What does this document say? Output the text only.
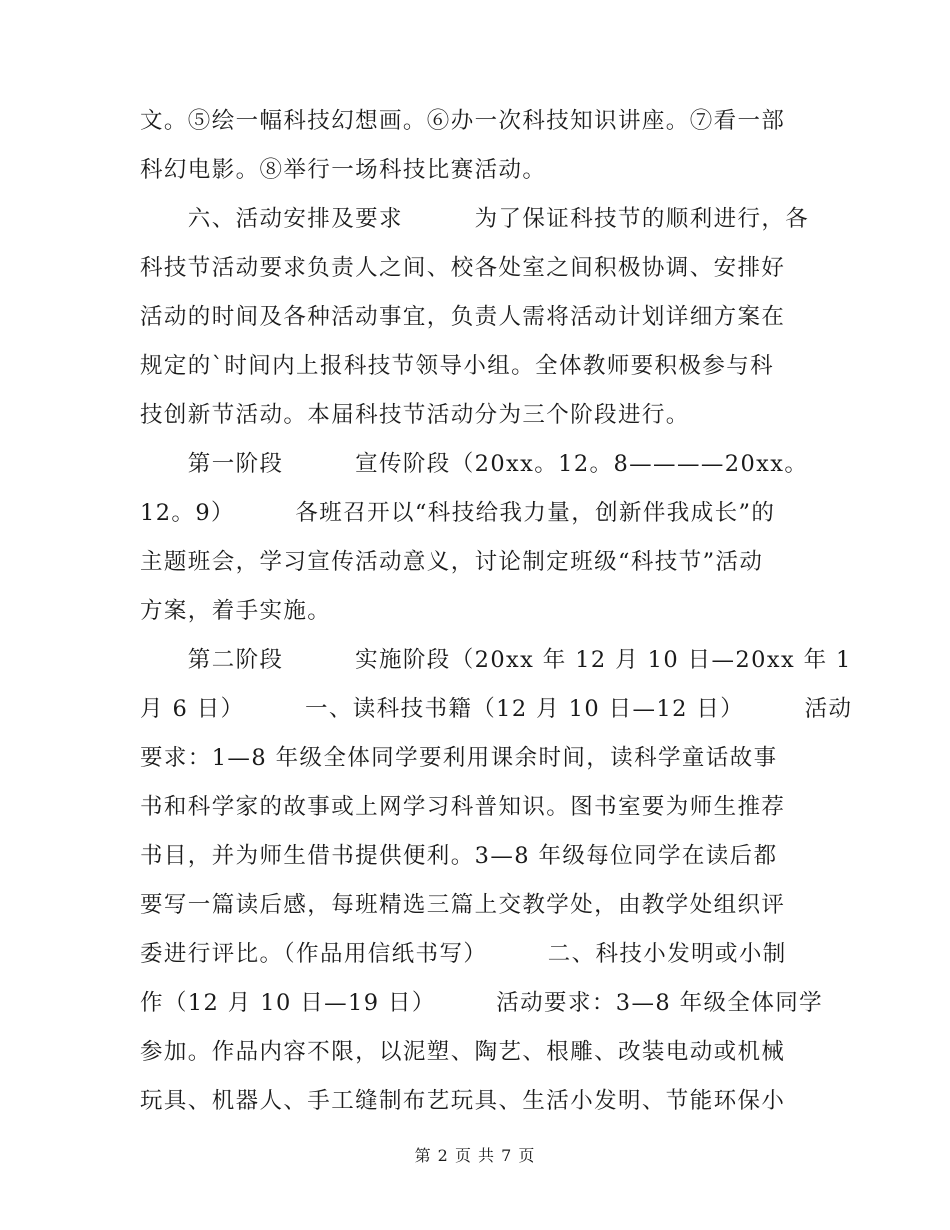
文。⑤绘一幅科技幻想画。⑥办一次科技知识讲座。⑦看一部
科幻电影。⑧举行一场科技比赛活动。
　　六、活动安排及要求　　　为了保证科技节的顺利进行，各
科技节活动要求负责人之间、校各处室之间积极协调、安排好
活动的时间及各种活动事宜，负责人需将活动计划详细方案在
规定的`时间内上报科技节领导小组。全体教师要积极参与科
技创新节活动。本届科技节活动分为三个阶段进行。
　　第一阶段　　　宣传阶段（20xx。12。8————20xx。
12。9）　　　各班召开以“科技给我力量，创新伴我成长”的
主题班会，学习宣传活动意义，讨论制定班级“科技节”活动
方案，着手实施。
　　第二阶段　　　实施阶段（20xx 年 12 月 10 日—20xx 年 1
月 6 日）　　　一、读科技书籍（12 月 10 日—12 日）　　　活动
要求：1—8 年级全体同学要利用课余时间，读科学童话故事
书和科学家的故事或上网学习科普知识。图书室要为师生推荐
书目，并为师生借书提供便利。3—8 年级每位同学在读后都
要写一篇读后感，每班精选三篇上交教学处，由教学处组织评
委进行评比。（作品用信纸书写）　　　二、科技小发明或小制
作（12 月 10 日—19 日）　　　活动要求：3—8 年级全体同学
参加。作品内容不限，以泥塑、陶艺、根雕、改装电动或机械
玩具、机器人、手工缝制布艺玩具、生活小发明、节能环保小
第 2 页 共 7 页
